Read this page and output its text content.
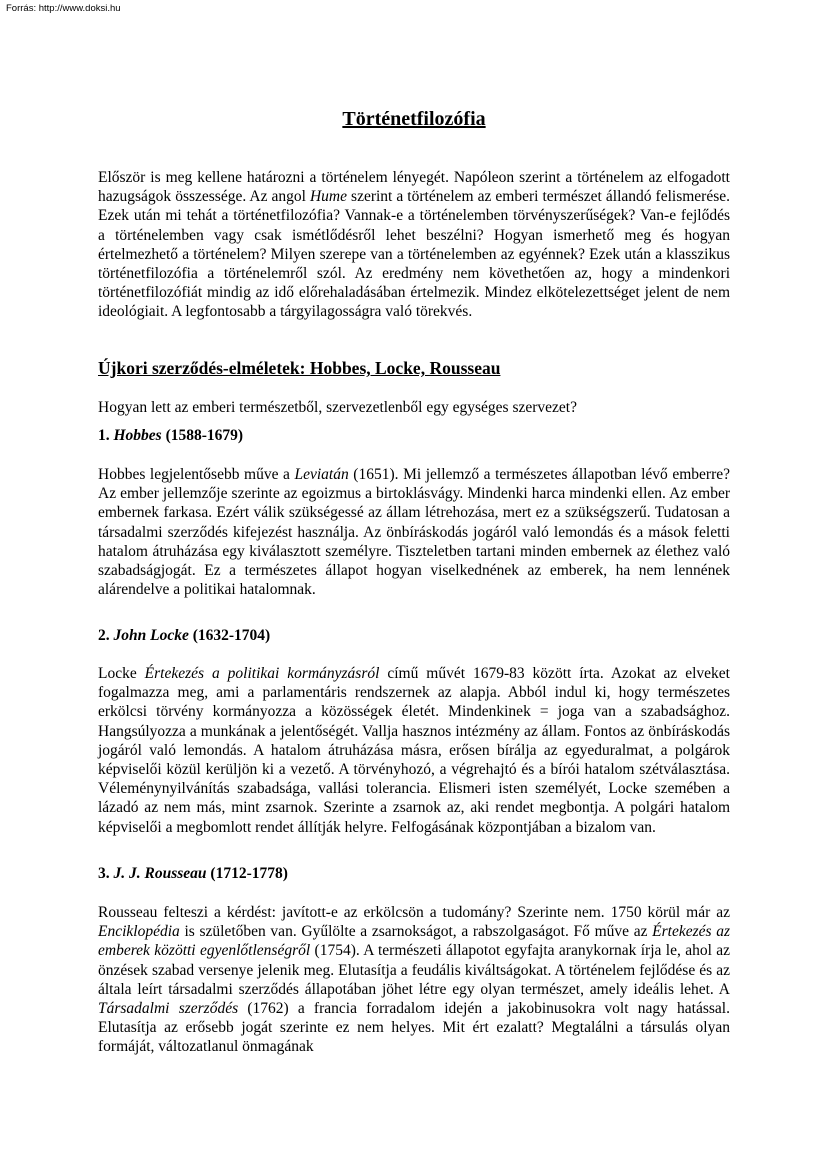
Forrás: http://www.doksi.hu
Történetfilozófia

Először is meg kellene határozni a történelem lényegét. Napóleon szerint a történelem az elfogadott hazugságok összessége. Az angol Hume szerint a történelem az emberi természet állandó felismerése. Ezek után mi tehát a történetfilozófia? Vannak-e a történelemben törvényszerűségek? Van-e fejlődés a történelemben vagy csak ismétlődésről lehet beszélni? Hogyan ismerhető meg és hogyan értelmezhető a történelem? Milyen szerepe van a történelemben az egyénnek? Ezek után a klasszikus történetfilozófia a történelemről szól. Az eredmény nem követhetően az, hogy a mindenkori történetfilozófiát mindig az idő előrehaladásában értelmezik. Mindez elkötelezettséget jelent de nem ideológiait. A legfontosabb a tárgyilagosságra való törekvés.

Újkori szerződés-elméletek: Hobbes, Locke, Rousseau

Hogyan lett az emberi természetből, szervezetlenből egy egységes szervezet?

1. Hobbes (1588-1679)

Hobbes legjelentősebb műve a Leviatán (1651). Mi jellemző a természetes állapotban lévő emberre? Az ember jellemzője szerinte az egoizmus a birtoklásvágy. Mindenki harca mindenki ellen. Az ember embernek farkasa. Ezért válik szükségessé az állam létrehozása, mert ez a szükségszerű. Tudatosan a társadalmi szerződés kifejezést használja. Az önbíráskodás jogáról való lemondás és a mások feletti hatalom átruházása egy kiválasztott személyre. Tiszteletben tartani minden embernek az élethez való szabadságjogát. Ez a természetes állapot hogyan viselkednének az emberek, ha nem lennének alárendelve a politikai hatalomnak.

2. John Locke (1632-1704)

Locke Értekezés a politikai kormányzásról című művét 1679-83 között írta. Azokat az elveket fogalmazza meg, ami a parlamentáris rendszernek az alapja. Abból indul ki, hogy természetes erkölcsi törvény kormányozza a közösségek életét. Mindenkinek = joga van a szabadsághoz. Hangsúlyozza a munkának a jelentőségét. Valljа hasznos intézmény az állam. Fontos az önbíráskodás jogáról való lemondás. A hatalom átruházása másra, erősen bírálja az egyeduralmat, a polgárok képviselői közül kerüljön ki a vezető. A törvényhozó, a végrehajtó és a bírói hatalom szétválasztása. Véleménynyilvánítás szabadsága, vallási tolerancia. Elismeri isten személyét, Locke szemében a lázadó az nem más, mint zsarnok. Szerinte a zsarnok az, aki rendet megbontja. A polgári hatalom képviselői a megbomlott rendet állítják helyre. Felfogásának központjában a bizalom van.

3. J. J. Rousseau (1712-1778)

Rousseau felteszi a kérdést: javított-e az erkölcsön a tudomány? Szerinte nem. 1750 körül már az Enciklopédia is születőben van. Gyűlölte a zsarnokságot, a rabszolgaságot. Fő műve az Értekezés az emberek közötti egyenlőtlenségről (1754). A természeti állapotot egyfajta aranykornak írja le, ahol az önzések szabad versenye jelenik meg. Elutasítja a feudális kiváltságokat. A történelem fejlődése és az általa leírt társadalmi szerződés állapotában jöhet létre egy olyan természet, amely ideális lehet. A Társadalmi szerződés (1762) a francia forradalom idején a jakobinusokra volt nagy hatással. Elutasítja az erősebb jogát szerinte ez nem helyes. Mit ért ezalatt? Megtalálni a társulás olyan formáját, változatlanul önmagának
